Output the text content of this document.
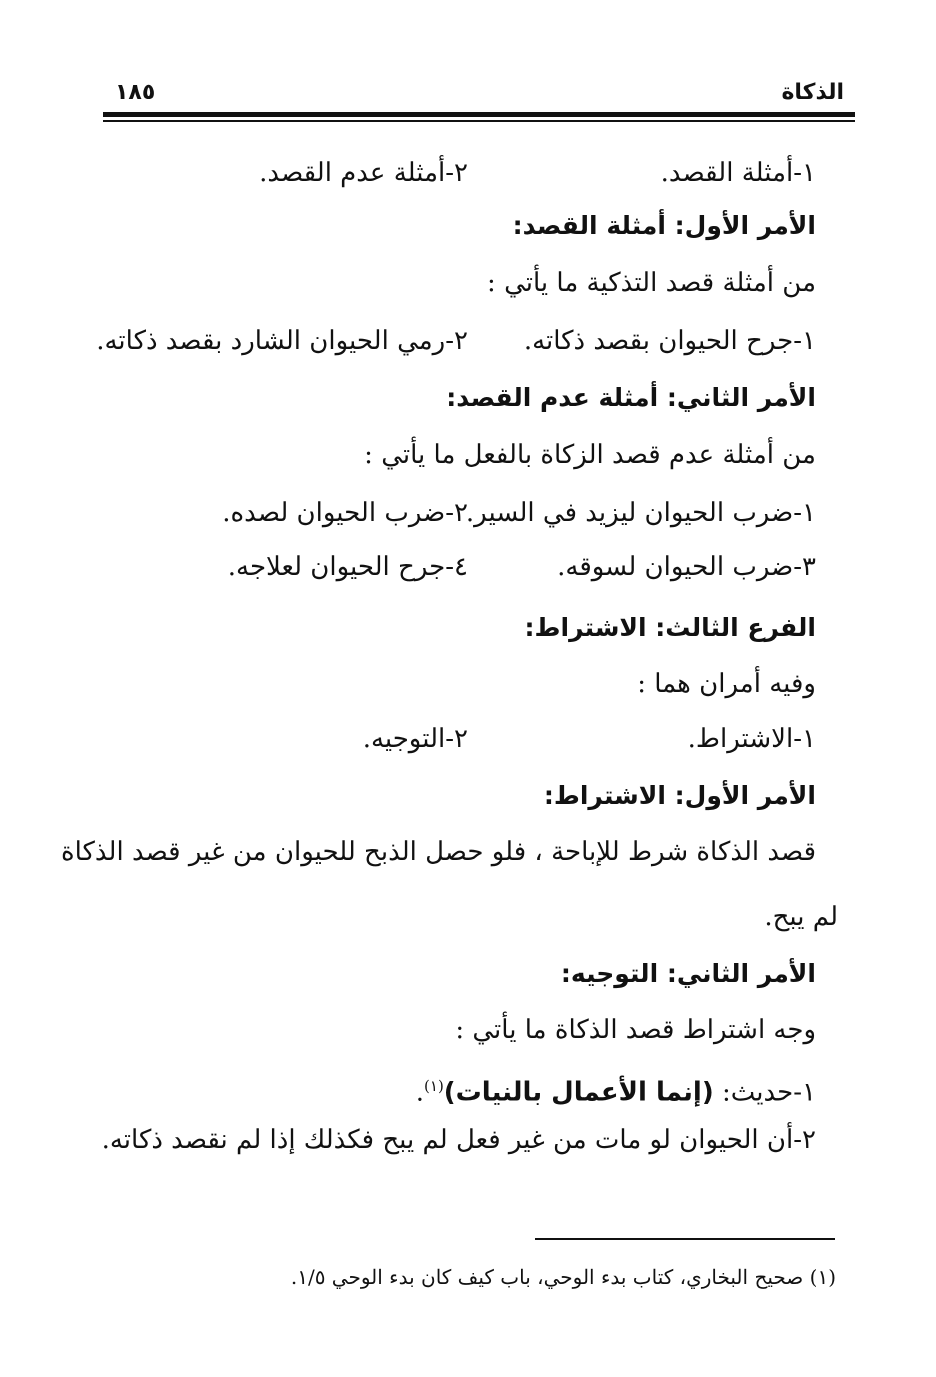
الذكاة
١٨٥
١-أمثلة القصد.
٢-أمثلة عدم القصد.
الأمر الأول: أمثلة القصد:
من أمثلة قصد التذكية ما يأتي :
١-جرح الحيوان بقصد ذكاته.
٢-رمي الحيوان الشارد بقصد ذكاته.
الأمر الثاني: أمثلة عدم القصد:
من أمثلة عدم قصد الزكاة بالفعل ما يأتي :
١-ضرب الحيوان ليزيد في السير.
٢-ضرب الحيوان لصده.
٣-ضرب الحيوان لسوقه.
٤-جرح الحيوان لعلاجه.
الفرع الثالث: الاشتراط:
وفيه أمران هما :
١-الاشتراط.
٢-التوجيه.
الأمر الأول: الاشتراط:
قصد الذكاة شرط للإباحة ، فلو حصل الذبح للحيوان من غير قصد الذكاة
لم يبح.
الأمر الثاني: التوجيه:
وجه اشتراط قصد الذكاة ما يأتي :
١-حديث: (إنما الأعمال بالنيات)$^{(١)}$.
٢-أن الحيوان لو مات من غير فعل لم يبح فكذلك إذا لم نقصد ذكاته.
(١) صحيح البخاري، كتاب بدء الوحي، باب كيف كان بدء الوحي ١/٥.
